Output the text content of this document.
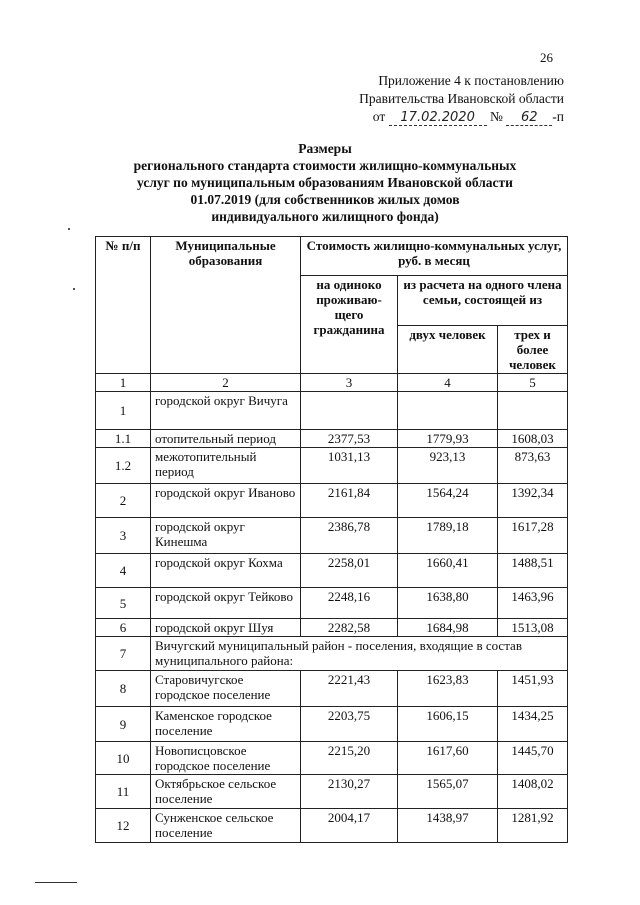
26
Приложение 4 к постановлению
Правительства Ивановской области
от 17.02.2020 № 62 -п
Размеры
регионального стандарта стоимости жилищно-коммунальных
услуг по муниципальным образованиям Ивановской области
01.07.2019 (для собственников жилых домов
индивидуального жилищного фонда)
№ п/п	Муниципальные образования	Стоимость жилищно-коммунальных услуг, руб. в месяц		
		на одиноко проживаю-щего гражданина	из расчета на одного члена семьи, состоящей из	
			двух человек	трех и более человек
1	2	3	4	5
1	городской округ Вичуга			
1.1	отопительный период	2377,53	1779,93	1608,03
1.2	межотопительный период	1031,13	923,13	873,63
2	городской округ Иваново	2161,84	1564,24	1392,34
3	городской округ Кинешма	2386,78	1789,18	1617,28
4	городской округ Кохма	2258,01	1660,41	1488,51
5	городской округ Тейково	2248,16	1638,80	1463,96
6	городской округ Шуя	2282,58	1684,98	1513,08
7	Вичугский муниципальный район - поселения, входящие в состав муниципального района:			
8	Старовичугское городское поселение	2221,43	1623,83	1451,93
9	Каменское городское поселение	2203,75	1606,15	1434,25
10	Новописцовское городское поселение	2215,20	1617,60	1445,70
11	Октябрьское сельское поселение	2130,27	1565,07	1408,02
12	Сунженское сельское поселение	2004,17	1438,97	1281,92
